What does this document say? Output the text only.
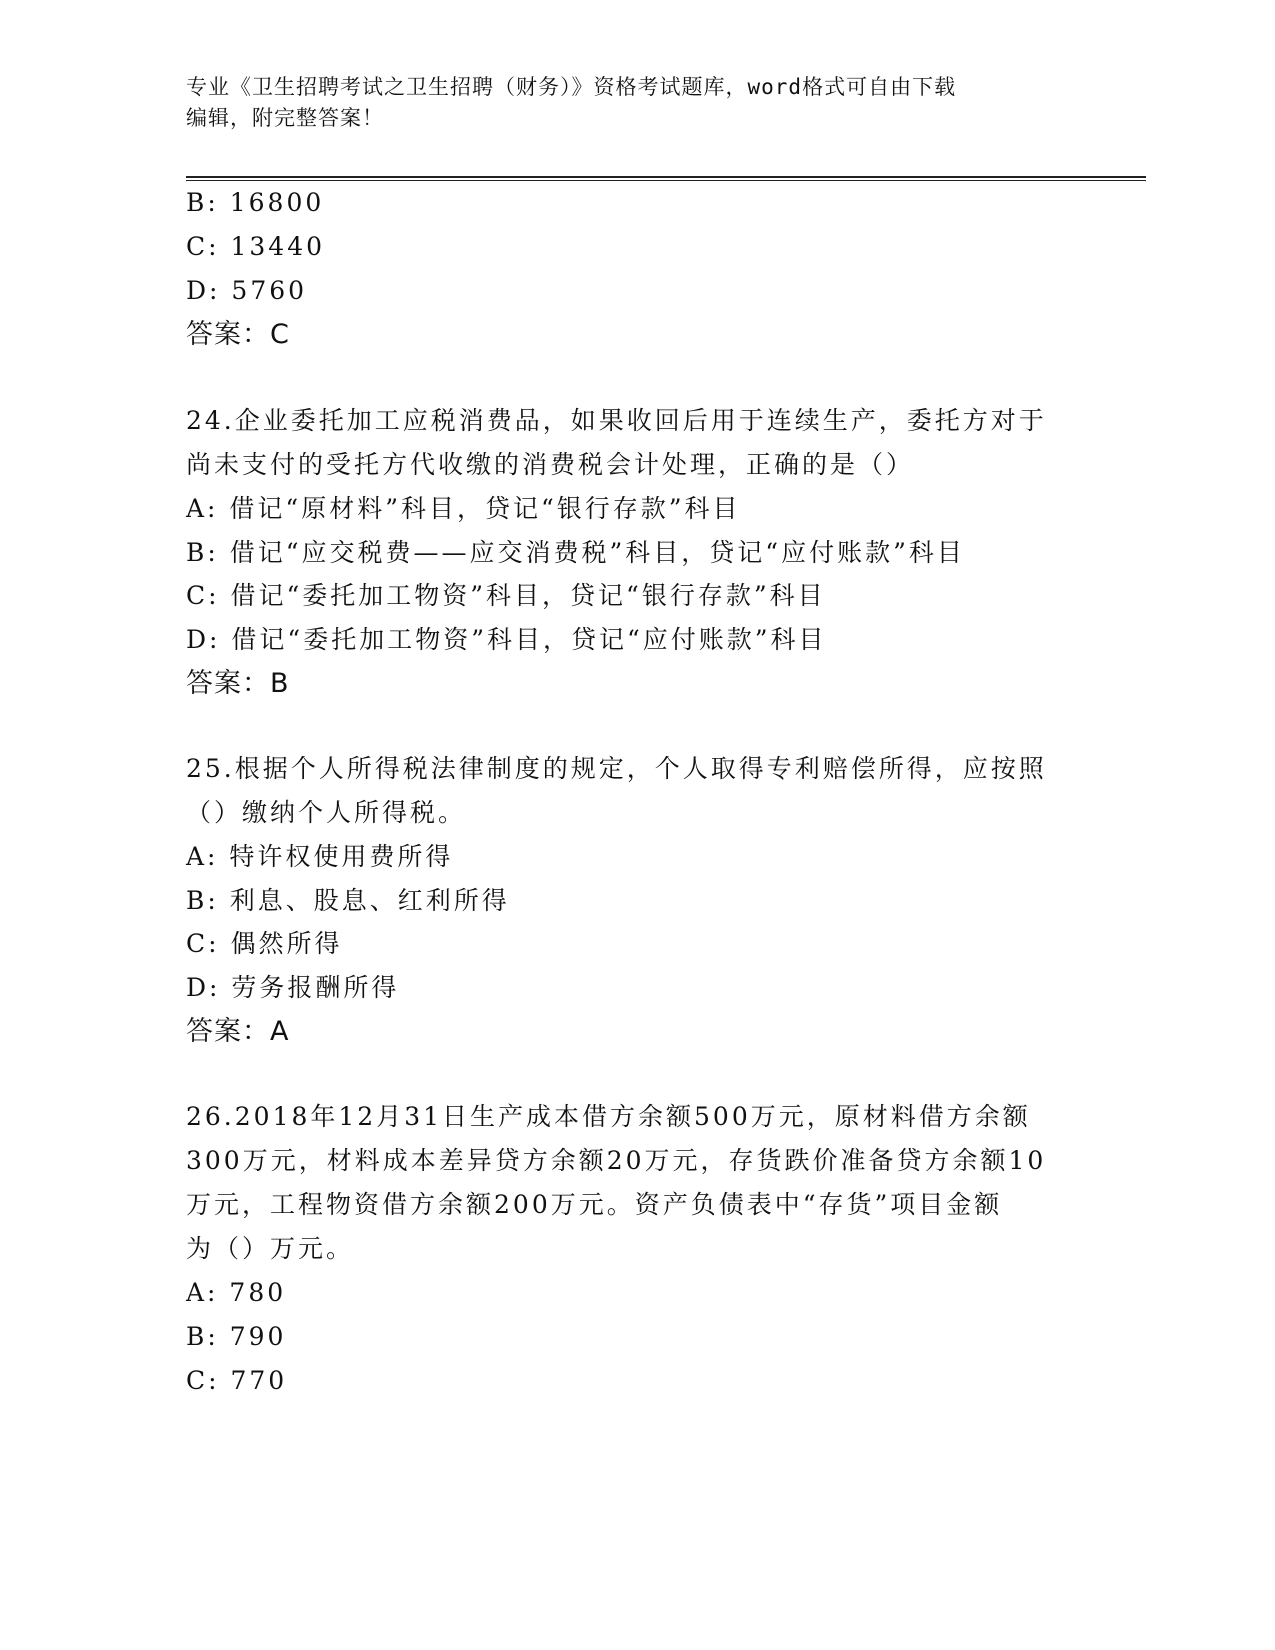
专业《卫生招聘考试之卫生招聘（财务）》资格考试题库，word格式可自由下载
编辑，附完整答案！
B: 16800
C: 13440
D: 5760
答案：C
24.企业委托加工应税消费品，如果收回后用于连续生产，委托方对于
尚未支付的受托方代收缴的消费税会计处理，正确的是（）
A: 借记“原材料”科目，贷记“银行存款”科目
B: 借记“应交税费——应交消费税”科目，贷记“应付账款”科目
C: 借记“委托加工物资”科目，贷记“银行存款”科目
D: 借记“委托加工物资”科目，贷记“应付账款”科目
答案：B
25.根据个人所得税法律制度的规定，个人取得专利赔偿所得，应按照
（）缴纳个人所得税。
A: 特许权使用费所得
B: 利息、股息、红利所得
C: 偶然所得
D: 劳务报酬所得
答案：A
26.2018年12月31日生产成本借方余额500万元，原材料借方余额
300万元，材料成本差异贷方余额20万元，存货跌价准备贷方余额10
万元，工程物资借方余额200万元。资产负债表中“存货”项目金额
为（）万元。
A: 780
B: 790
C: 770
